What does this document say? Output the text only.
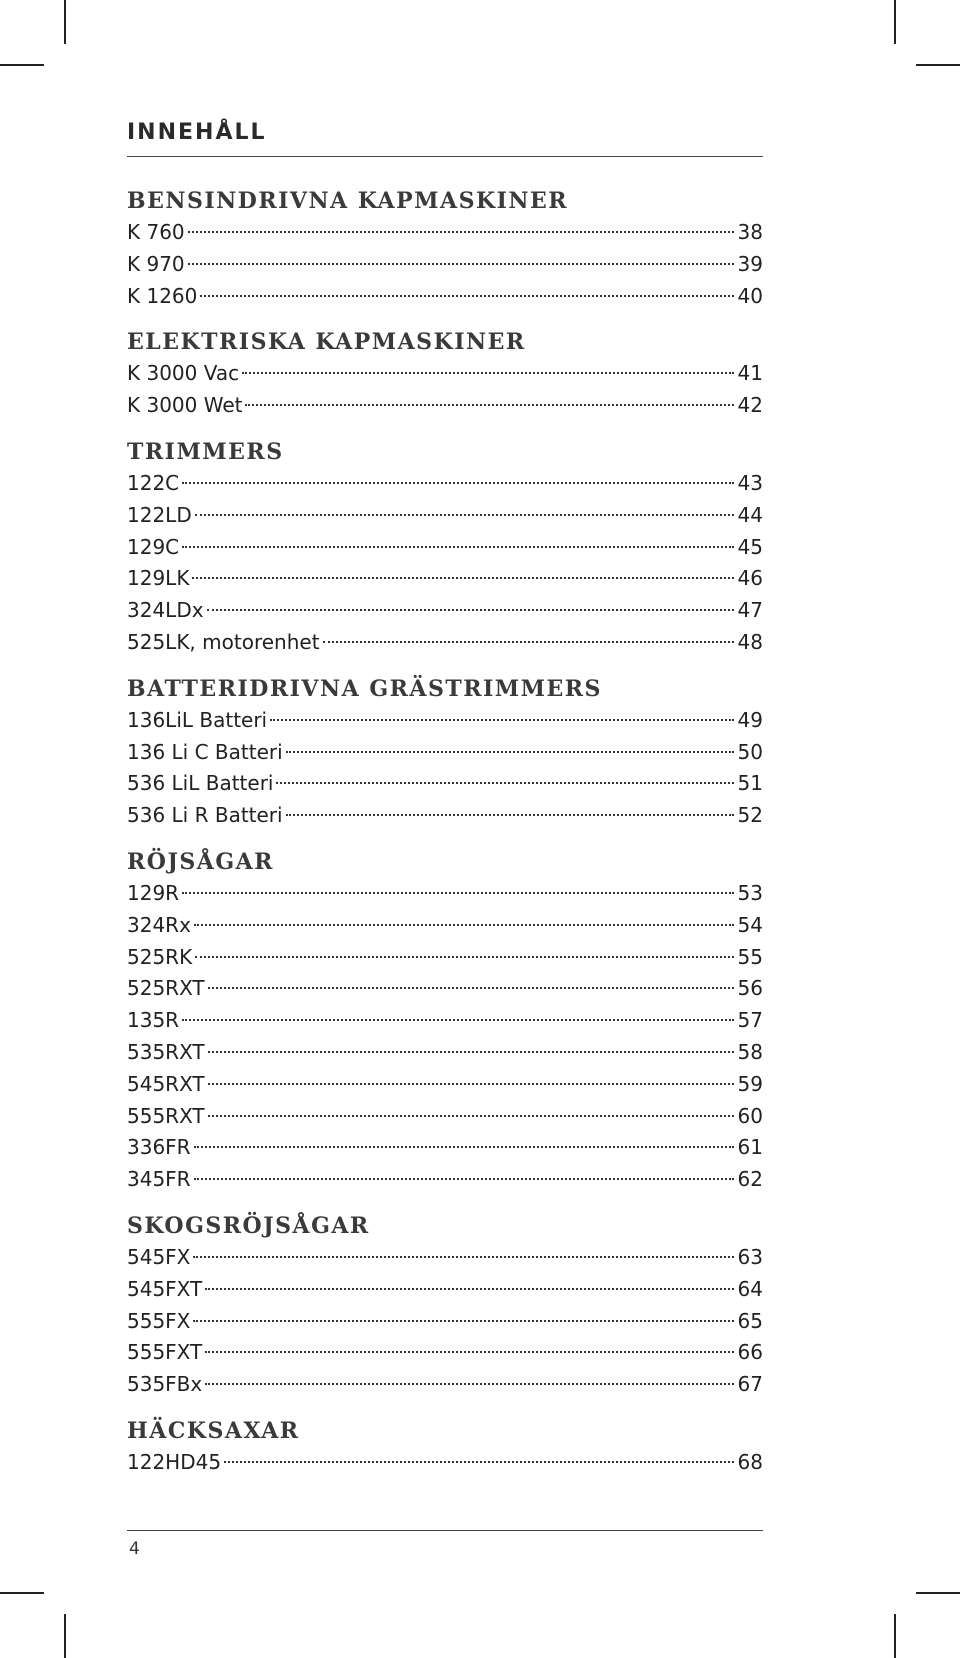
INNEHÅLL
BENSINDRIVNA KAPMASKINER
K 760	38
K 970	39
K 1260	40
ELEKTRISKA KAPMASKINER
K 3000 Vac	41
K 3000 Wet	42
TRIMMERS
122C	43
122LD	44
129C	45
129LK	46
324LDx	47
525LK, motorenhet	48
BATTERIDRIVNA GRÄSTRIMMERS
136LiL Batteri	49
136 Li C Batteri	50
536 LiL Batteri	51
536 Li R Batteri	52
RÖJSÅGAR
129R	53
324Rx	54
525RK	55
525RXT	56
135R	57
535RXT	58
545RXT	59
555RXT	60
336FR	61
345FR	62
SKOGSRÖJSÅGAR
545FX	63
545FXT	64
555FX	65
555FXT	66
535FBx	67
HÄCKSAXAR
122HD45	68
4
